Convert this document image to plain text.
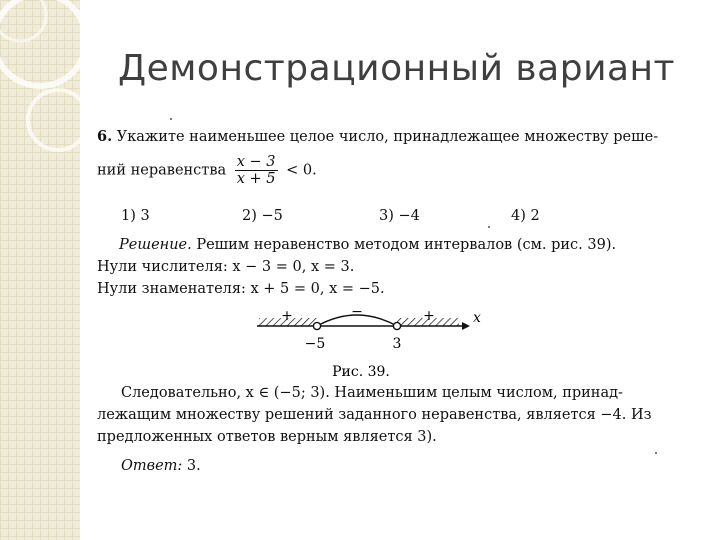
Демонстрационный вариант
6. Укажите наименьшее целое число, принадлежащее множеству реше-
ний неравенства $\frac{x - 3}{x + 5} < 0$.
1) 3	2) −5	3) −4	4) 2
Решение. Решим неравенство методом интервалов (см. рис. 39).
Нули числителя: x − 3 = 0, x = 3.
Нули знаменателя: x + 5 = 0, x = −5.
+	−	+	x
−5	3
Рис. 39.
Следовательно, x ∈ (−5; 3). Наименьшим целым числом, принад-
лежащим множеству решений заданного неравенства, является −4. Из
предложенных ответов верным является 3).
Ответ: 3.
